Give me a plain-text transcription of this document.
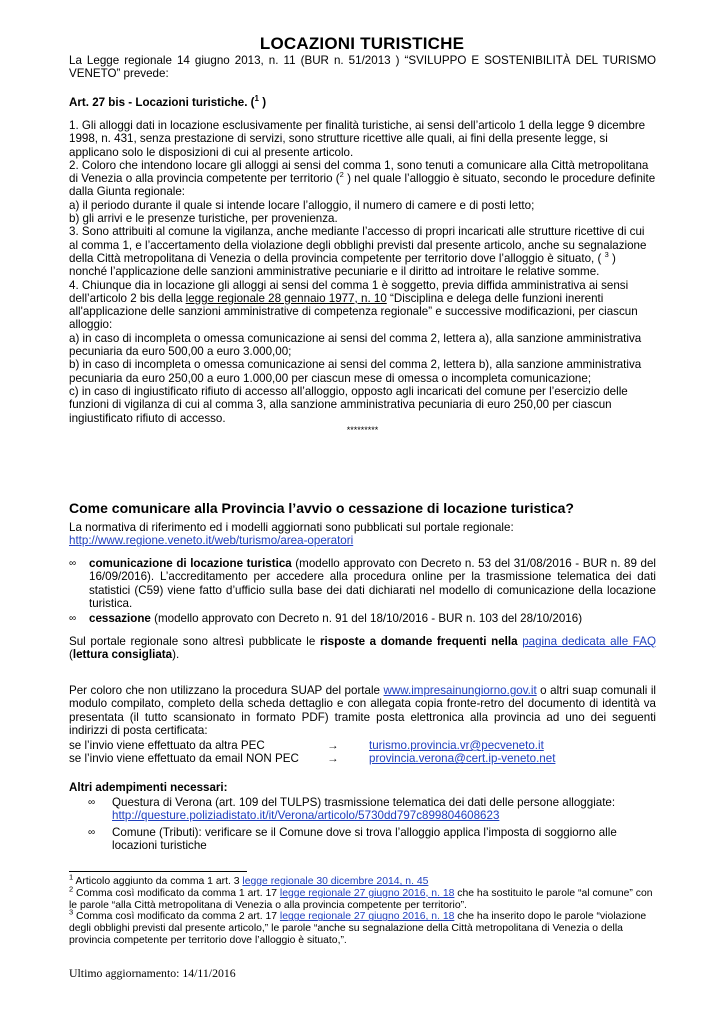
LOCAZIONI TURISTICHE
La Legge regionale 14 giugno 2013, n. 11 (BUR n. 51/2013 ) “SVILUPPO E SOSTENIBILITÀ DEL TURISMO VENETO” prevede:
Art. 27 bis - Locazioni turistiche. ($^1$ )
1. Gli alloggi dati in locazione esclusivamente per finalità turistiche, ai sensi dell’articolo 1 della legge 9 dicembre 1998, n. 431, senza prestazione di servizi, sono strutture ricettive alle quali, ai fini della presente legge, si applicano solo le disposizioni di cui al presente articolo.
2. Coloro che intendono locare gli alloggi ai sensi del comma 1, sono tenuti a comunicare alla Città metropolitana di Venezia o alla provincia competente per territorio ($^2$ ) nel quale l’alloggio è situato, secondo le procedure definite dalla Giunta regionale:
a) il periodo durante il quale si intende locare l’alloggio, il numero di camere e di posti letto;
b) gli arrivi e le presenze turistiche, per provenienza.
3. Sono attribuiti al comune la vigilanza, anche mediante l’accesso di propri incaricati alle strutture ricettive di cui al comma 1, e l’accertamento della violazione degli obblighi previsti dal presente articolo, anche su segnalazione della Città metropolitana di Venezia o della provincia competente per territorio dove l’alloggio è situato, ( $^3$ ) nonché l’applicazione delle sanzioni amministrative pecuniarie e il diritto ad introitare le relative somme.
4. Chiunque dia in locazione gli alloggi ai sensi del comma 1 è soggetto, previa diffida amministrativa ai sensi dell’articolo 2 bis della legge regionale 28 gennaio 1977, n. 10 “Disciplina e delega delle funzioni inerenti all'applicazione delle sanzioni amministrative di competenza regionale” e successive modificazioni, per ciascun alloggio:
a) in caso di incompleta o omessa comunicazione ai sensi del comma 2, lettera a), alla sanzione amministrativa pecuniaria da euro 500,00 a euro 3.000,00;
b) in caso di incompleta o omessa comunicazione ai sensi del comma 2, lettera b), alla sanzione amministrativa pecuniaria da euro 250,00 a euro 1.000,00 per ciascun mese di omessa o incompleta comunicazione;
c) in caso di ingiustificato rifiuto di accesso all’alloggio, opposto agli incaricati del comune per l’esercizio delle funzioni di vigilanza di cui al comma 3, alla sanzione amministrativa pecuniaria di euro 250,00 per ciascun ingiustificato rifiuto di accesso.
*********
Come comunicare alla Provincia l’avvio o cessazione di locazione turistica?
La normativa di riferimento ed i modelli aggiornati sono pubblicati sul portale regionale:
http://www.regione.veneto.it/web/turismo/area-operatori
∞ comunicazione di locazione turistica (modello approvato con Decreto n. 53 del 31/08/2016 - BUR n. 89 del 16/09/2016). L’accreditamento per accedere alla procedura online per la trasmissione telematica dei dati statistici (C59) viene fatto d’ufficio sulla base dei dati dichiarati nel modello di comunicazione della locazione turistica.
∞ cessazione (modello approvato con Decreto n. 91 del 18/10/2016 - BUR n. 103 del 28/10/2016)
Sul portale regionale sono altresì pubblicate le risposte a domande frequenti nella pagina dedicata alle FAQ (lettura consigliata).
Per coloro che non utilizzano la procedura SUAP del portale www.impresainungiorno.gov.it o altri suap comunali il modulo compilato, completo della scheda dettaglio e con allegata copia fronte-retro del documento di identità va presentata (il tutto scansionato in formato PDF) tramite posta elettronica alla provincia ad uno dei seguenti indirizzi di posta certificata:
se l’invio viene effettuato da altra PEC	→	turismo.provincia.vr@pecveneto.it
se l’invio viene effettuato da email NON PEC	→	provincia.verona@cert.ip-veneto.net
Altri adempimenti necessari:
∞ Questura di Verona (art. 109 del TULPS) trasmissione telematica dei dati delle persone alloggiate:
http://questure.poliziadistato.it/it/Verona/articolo/5730dd797c899804608623
∞ Comune (Tributi): verificare se il Comune dove si trova l’alloggio applica l’imposta di soggiorno alle locazioni turistiche
$^1$ Articolo aggiunto da comma 1 art. 3 legge regionale 30 dicembre 2014, n. 45
$^2$ Comma così modificato da comma 1 art. 17 legge regionale 27 giugno 2016, n. 18 che ha sostituito le parole “al comune” con le parole “alla Città metropolitana di Venezia o alla provincia competente per territorio”.
$^3$ Comma così modificato da comma 2 art. 17 legge regionale 27 giugno 2016, n. 18 che ha inserito dopo le parole “violazione degli obblighi previsti dal presente articolo,” le parole “anche su segnalazione della Città metropolitana di Venezia o della provincia competente per territorio dove l’alloggio è situato,”.
Ultimo aggiornamento: 14/11/2016
